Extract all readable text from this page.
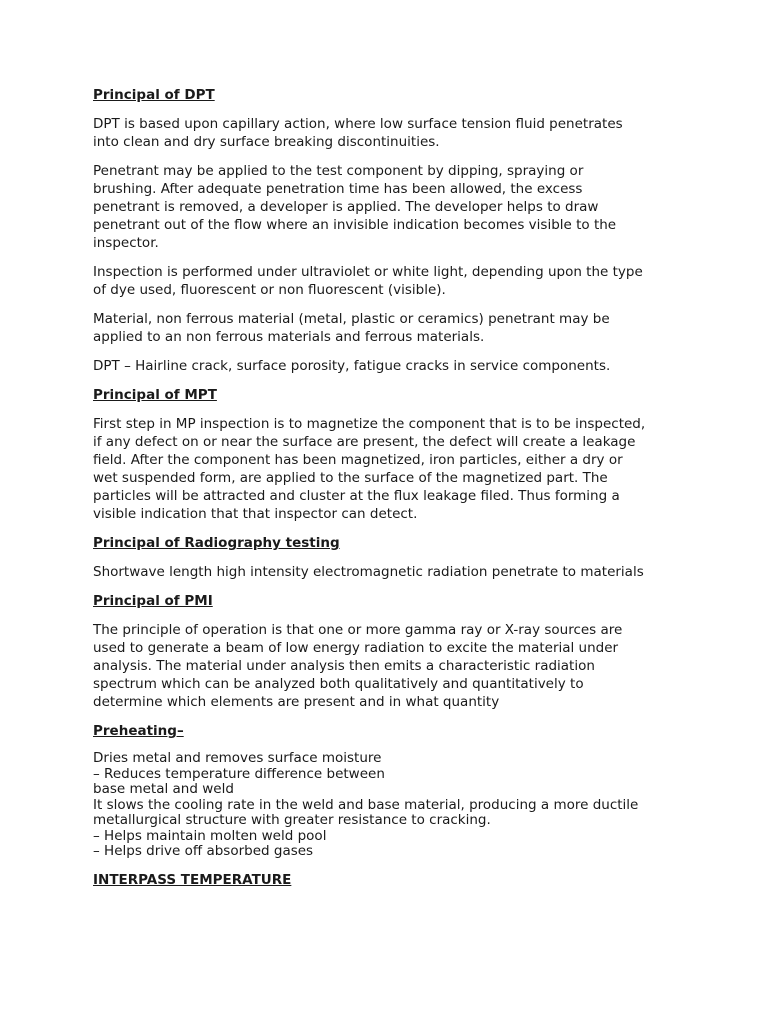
Principal of DPT

DPT is based upon capillary action, where low surface tension fluid penetrates
into clean and dry surface breaking discontinuities.

Penetrant may be applied to the test component by dipping, spraying or
brushing. After adequate penetration time has been allowed, the excess
penetrant is removed, a developer is applied. The developer helps to draw
penetrant out of the flow where an invisible indication becomes visible to the
inspector.

Inspection is performed under ultraviolet or white light, depending upon the type
of dye used, fluorescent or non fluorescent (visible).

Material, non ferrous material (metal, plastic or ceramics) penetrant may be
applied to an non ferrous materials and ferrous materials.

DPT – Hairline crack, surface porosity, fatigue cracks in service components.

Principal of MPT

First step in MP inspection is to magnetize the component that is to be inspected,
if any defect on or near the surface are present, the defect will create a leakage
field. After the component has been magnetized, iron particles, either a dry or
wet suspended form, are applied to the surface of the magnetized part. The
particles will be attracted and cluster at the flux leakage filed. Thus forming a
visible indication that that inspector can detect.

Principal of Radiography testing

Shortwave length high intensity electromagnetic radiation penetrate to materials

Principal of PMI

The principle of operation is that one or more gamma ray or X-ray sources are
used to generate a beam of low energy radiation to excite the material under
analysis. The material under analysis then emits a characteristic radiation
spectrum which can be analyzed both qualitatively and quantitatively to
determine which elements are present and in what quantity

Preheating–
Dries metal and removes surface moisture
– Reduces temperature difference between
base metal and weld
It slows the cooling rate in the weld and base material, producing a more ductile
metallurgical structure with greater resistance to cracking.
– Helps maintain molten weld pool
– Helps drive off absorbed gases
INTERPASS TEMPERATURE
